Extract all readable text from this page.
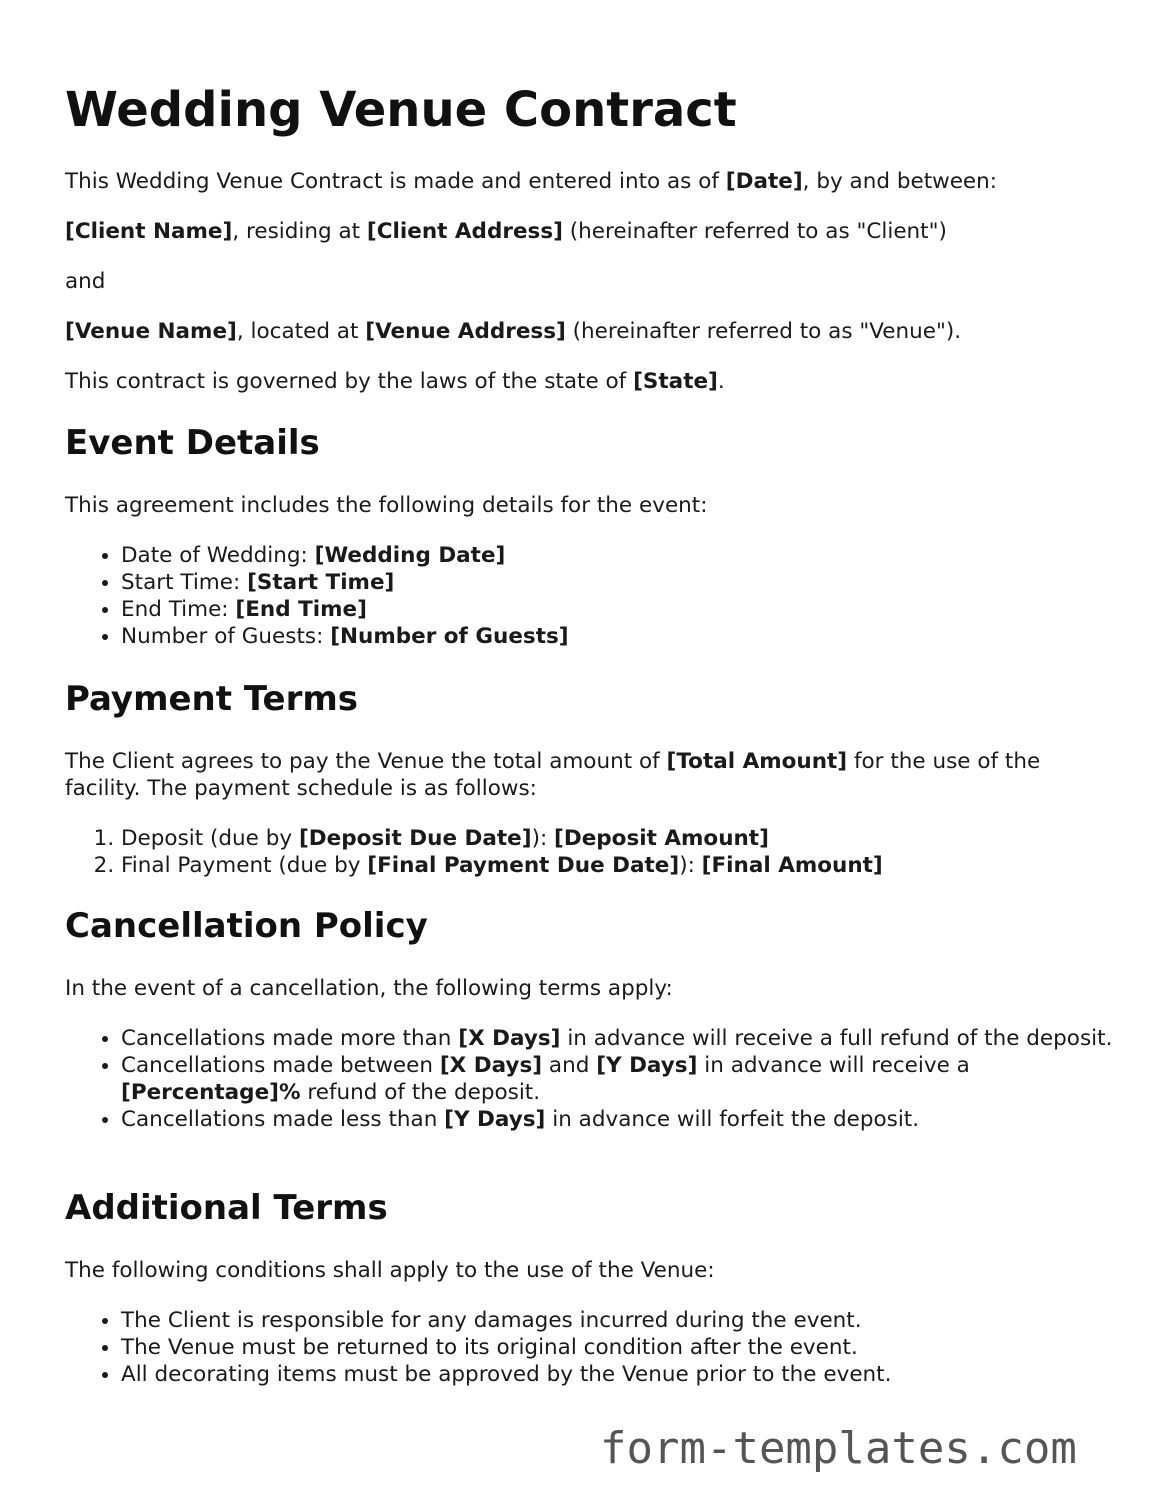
Wedding Venue Contract

This Wedding Venue Contract is made and entered into as of [Date], by and between:

[Client Name], residing at [Client Address] (hereinafter referred to as "Client")

and

[Venue Name], located at [Venue Address] (hereinafter referred to as "Venue").

This contract is governed by the laws of the state of [State].

Event Details

This agreement includes the following details for the event:

• Date of Wedding: [Wedding Date]
• Start Time: [Start Time]
• End Time: [End Time]
• Number of Guests: [Number of Guests]
Payment Terms

The Client agrees to pay the Venue the total amount of [Total Amount] for the use of the facility. The payment schedule is as follows:

1. Deposit (due by [Deposit Due Date]): [Deposit Amount]
2. Final Payment (due by [Final Payment Due Date]): [Final Amount]
Cancellation Policy

In the event of a cancellation, the following terms apply:

• Cancellations made more than [X Days] in advance will receive a full refund of the deposit.
• Cancellations made between [X Days] and [Y Days] in advance will receive a [Percentage]% refund of the deposit.
• Cancellations made less than [Y Days] in advance will forfeit the deposit.
Additional Terms

The following conditions shall apply to the use of the Venue:

• The Client is responsible for any damages incurred during the event.
• The Venue must be returned to its original condition after the event.
• All decorating items must be approved by the Venue prior to the event.
form-templates.com
